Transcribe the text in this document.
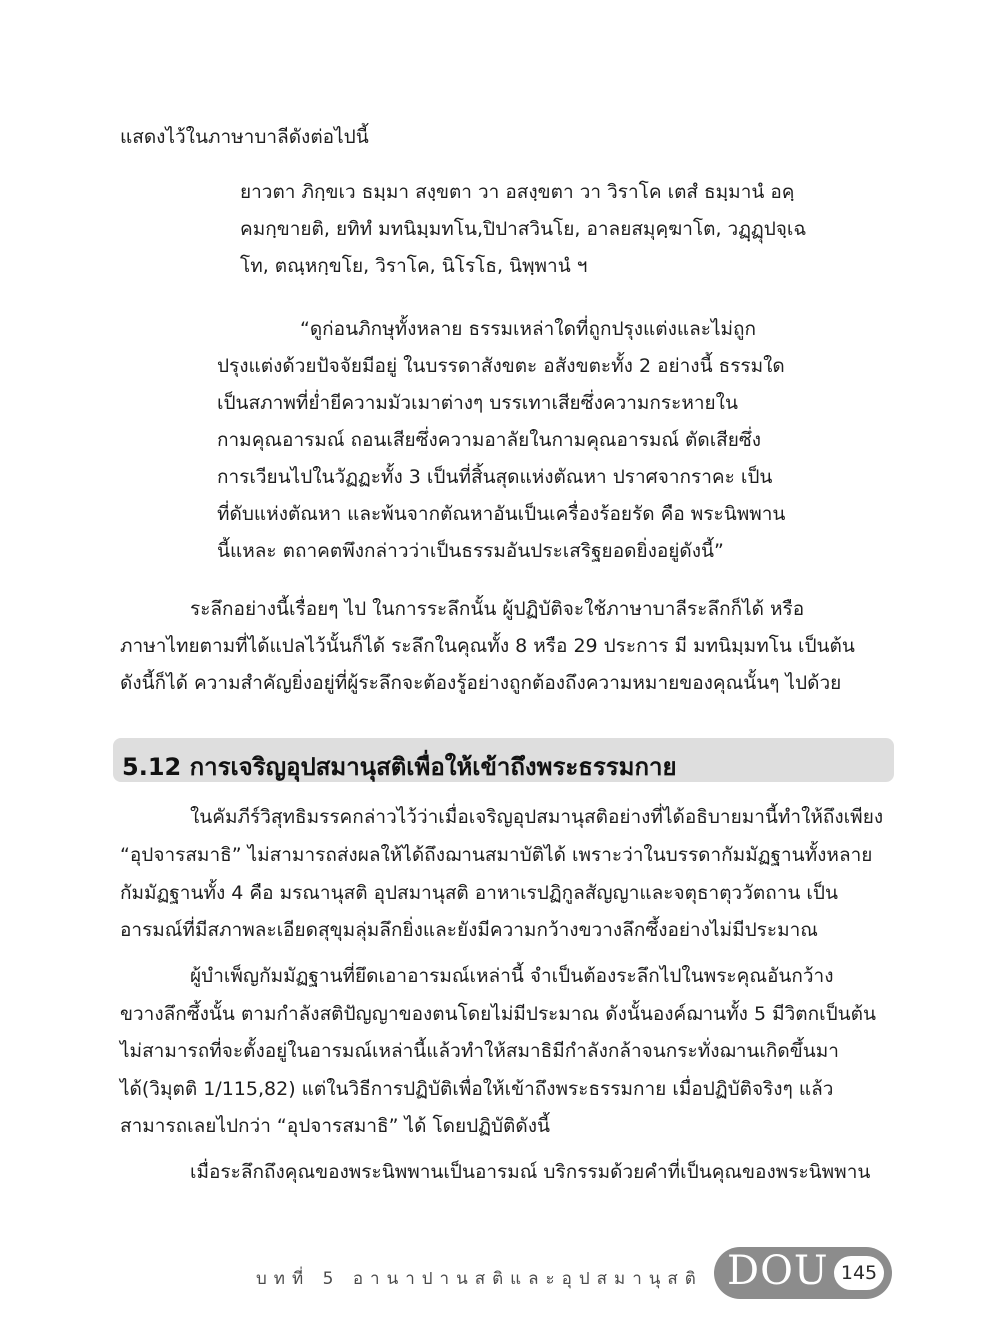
แสดงไว้ในภาษาบาลีดังต่อไปนี้
ยาวตา ภิกฺขเว ธมฺมา สงฺขตา วา อสงฺขตา วา วิราโค เตสํ ธมฺมานํ อคฺ
คมกฺขายติ, ยทิทํ มทนิมฺมทโน,ปิปาสวินโย, อาลยสมุคฺฆาโต, วฏฺฏุปจฺเฉ
โท, ตณฺหกฺขโย, วิราโค, นิโรโธ, นิพฺพานํ ฯ
“ดูก่อนภิกษุทั้งหลาย ธรรมเหล่าใดที่ถูกปรุงแต่งและไม่ถูก
ปรุงแต่งด้วยปัจจัยมีอยู่ ในบรรดาสังขตะ อสังขตะทั้ง 2 อย่างนี้ ธรรมใด
เป็นสภาพที่ย่ำยีความมัวเมาต่างๆ บรรเทาเสียซึ่งความกระหายใน
กามคุณอารมณ์ ถอนเสียซึ่งความอาลัยในกามคุณอารมณ์ ตัดเสียซึ่ง
การเวียนไปในวัฏฏะทั้ง 3 เป็นที่สิ้นสุดแห่งตัณหา ปราศจากราคะ เป็น
ที่ดับแห่งตัณหา และพ้นจากตัณหาอันเป็นเครื่องร้อยรัด คือ พระนิพพาน
นี้แหละ ตถาคตพึงกล่าวว่าเป็นธรรมอันประเสริฐยอดยิ่งอยู่ดังนี้”
ระลึกอย่างนี้เรื่อยๆ ไป ในการระลึกนั้น ผู้ปฏิบัติจะใช้ภาษาบาลีระลึกก็ได้ หรือ
ภาษาไทยตามที่ได้แปลไว้นั้นก็ได้ ระลึกในคุณทั้ง 8 หรือ 29 ประการ มี มทนิมฺมทโน เป็นต้น
ดังนี้ก็ได้ ความสำคัญยิ่งอยู่ที่ผู้ระลึกจะต้องรู้อย่างถูกต้องถึงความหมายของคุณนั้นๆ ไปด้วย
5.12 การเจริญอุปสมานุสติเพื่อให้เข้าถึงพระธรรมกาย
ในคัมภีร์วิสุทธิมรรคกล่าวไว้ว่าเมื่อเจริญอุปสมานุสติอย่างที่ได้อธิบายมานี้ทำให้ถึงเพียง
“อุปจารสมาธิ” ไม่สามารถส่งผลให้ได้ถึงฌานสมาบัติได้ เพราะว่าในบรรดากัมมัฏฐานทั้งหลาย
กัมมัฏฐานทั้ง 4 คือ มรณานุสติ อุปสมานุสติ อาหาเรปฏิกูลสัญญาและจตุธาตุววัตถาน เป็น
อารมณ์ที่มีสภาพละเอียดสุขุมลุ่มลึกยิ่งและยังมีความกว้างขวางลึกซึ้งอย่างไม่มีประมาณ
ผู้บำเพ็ญกัมมัฏฐานที่ยึดเอาอารมณ์เหล่านี้ จำเป็นต้องระลึกไปในพระคุณอันกว้าง
ขวางลึกซึ้งนั้น ตามกำลังสติปัญญาของตนโดยไม่มีประมาณ ดังนั้นองค์ฌานทั้ง 5 มีวิตกเป็นต้น
ไม่สามารถที่จะตั้งอยู่ในอารมณ์เหล่านี้แล้วทำให้สมาธิมีกำลังกล้าจนกระทั่งฌานเกิดขึ้นมา
ได้(วิมุตติ 1/115,82) แต่ในวิธีการปฏิบัติเพื่อให้เข้าถึงพระธรรมกาย เมื่อปฏิบัติจริงๆ แล้ว
สามารถเลยไปกว่า “อุปจารสมาธิ” ได้ โดยปฏิบัติดังนี้
เมื่อระลึกถึงคุณของพระนิพพานเป็นอารมณ์ บริกรรมด้วยคำที่เป็นคุณของพระนิพพาน
บทที่ 5 อานาปานสติและอุปสมานุสติ DOU 145
